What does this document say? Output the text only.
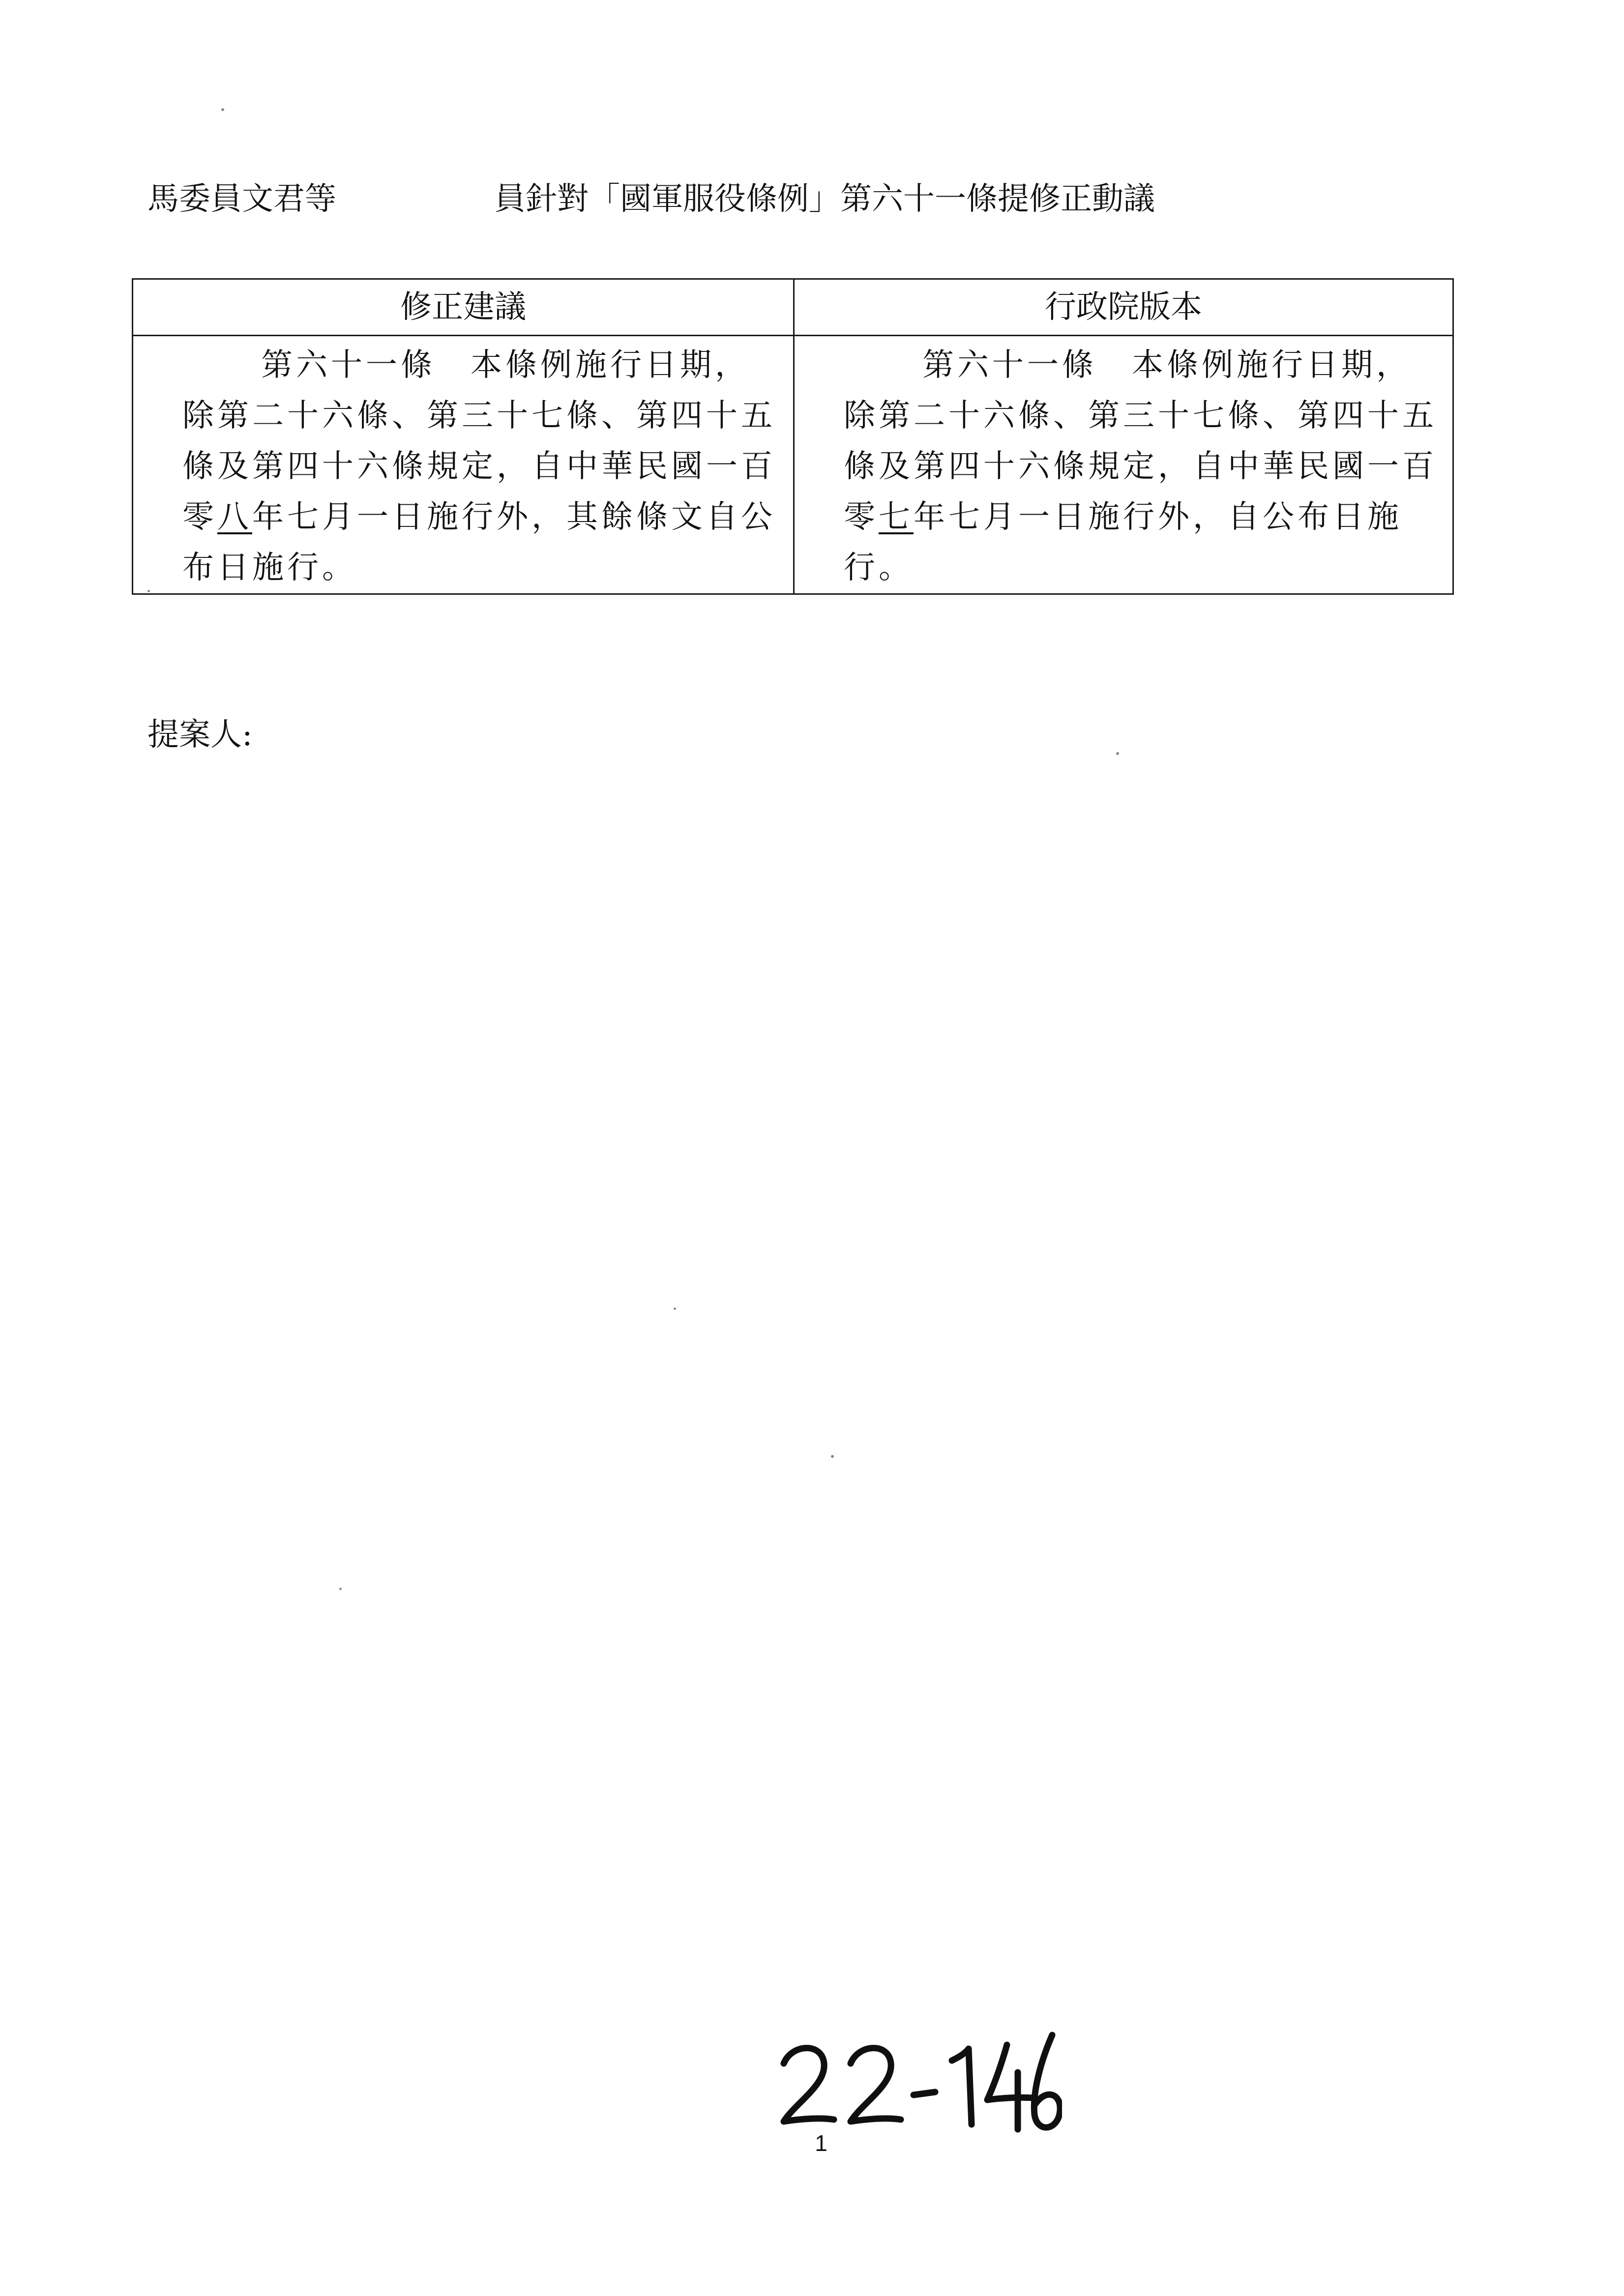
馬委員文君等	員針對「國軍服役條例」第六十一條提修正動議
修正建議	行政院版本

第六十一條　本條例施行日期，除第二十六條、第三十七條、第四十五條及第四十六條規定，自中華民國一百零八年七月一日施行外，其餘條文自公布日施行。	第六十一條　本條例施行日期，除第二十六條、第三十七條、第四十五條及第四十六條規定，自中華民國一百零七年七月一日施行外，自公布日施行。

提案人:
1
